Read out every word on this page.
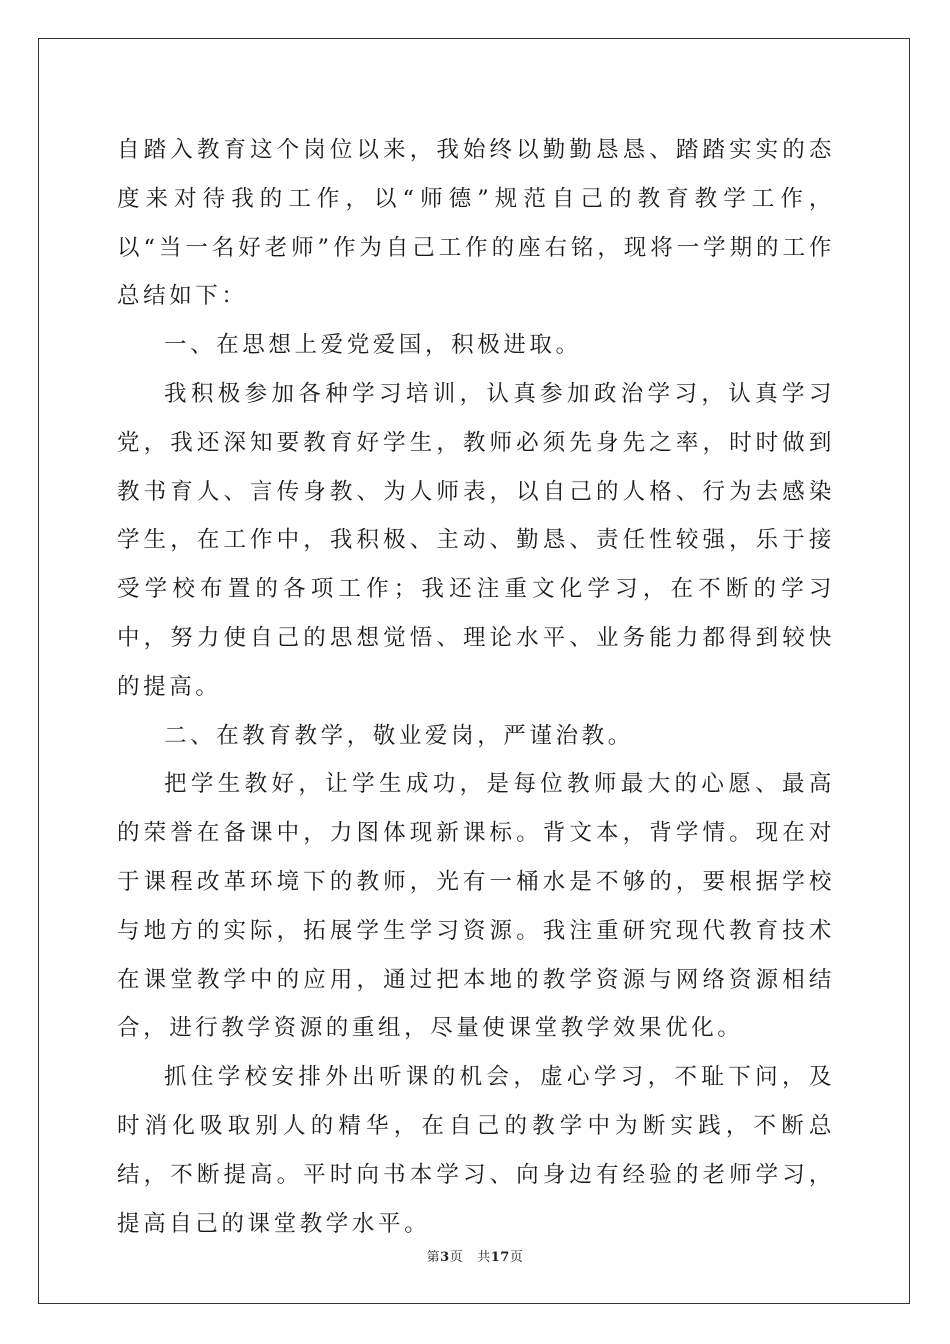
自踏入教育这个岗位以来，我始终以勤勤恳恳、踏踏实实的态度来对待我的工作，以“师德”规范自己的教育教学工作，以“当一名好老师”作为自己工作的座右铭，现将一学期的工作总结如下：

一、在思想上爱党爱国，积极进取。

我积极参加各种学习培训，认真参加政治学习，认真学习党，我还深知要教育好学生，教师必须先身先之率，时时做到教书育人、言传身教、为人师表，以自己的人格、行为去感染学生，在工作中，我积极、主动、勤恳、责任性较强，乐于接受学校布置的各项工作；我还注重文化学习，在不断的学习中，努力使自己的思想觉悟、理论水平、业务能力都得到较快的提高。

二、在教育教学，敬业爱岗，严谨治教。

把学生教好，让学生成功，是每位教师最大的心愿、最高的荣誉在备课中，力图体现新课标。背文本，背学情。现在对于课程改革环境下的教师，光有一桶水是不够的，要根据学校与地方的实际，拓展学生学习资源。我注重研究现代教育技术在课堂教学中的应用，通过把本地的教学资源与网络资源相结合，进行教学资源的重组，尽量使课堂教学效果优化。

抓住学校安排外出听课的机会，虚心学习，不耻下问，及时消化吸取别人的精华，在自己的教学中为断实践，不断总结，不断提高。平时向书本学习、向身边有经验的老师学习，提高自己的课堂教学水平。

第3页 共17页
